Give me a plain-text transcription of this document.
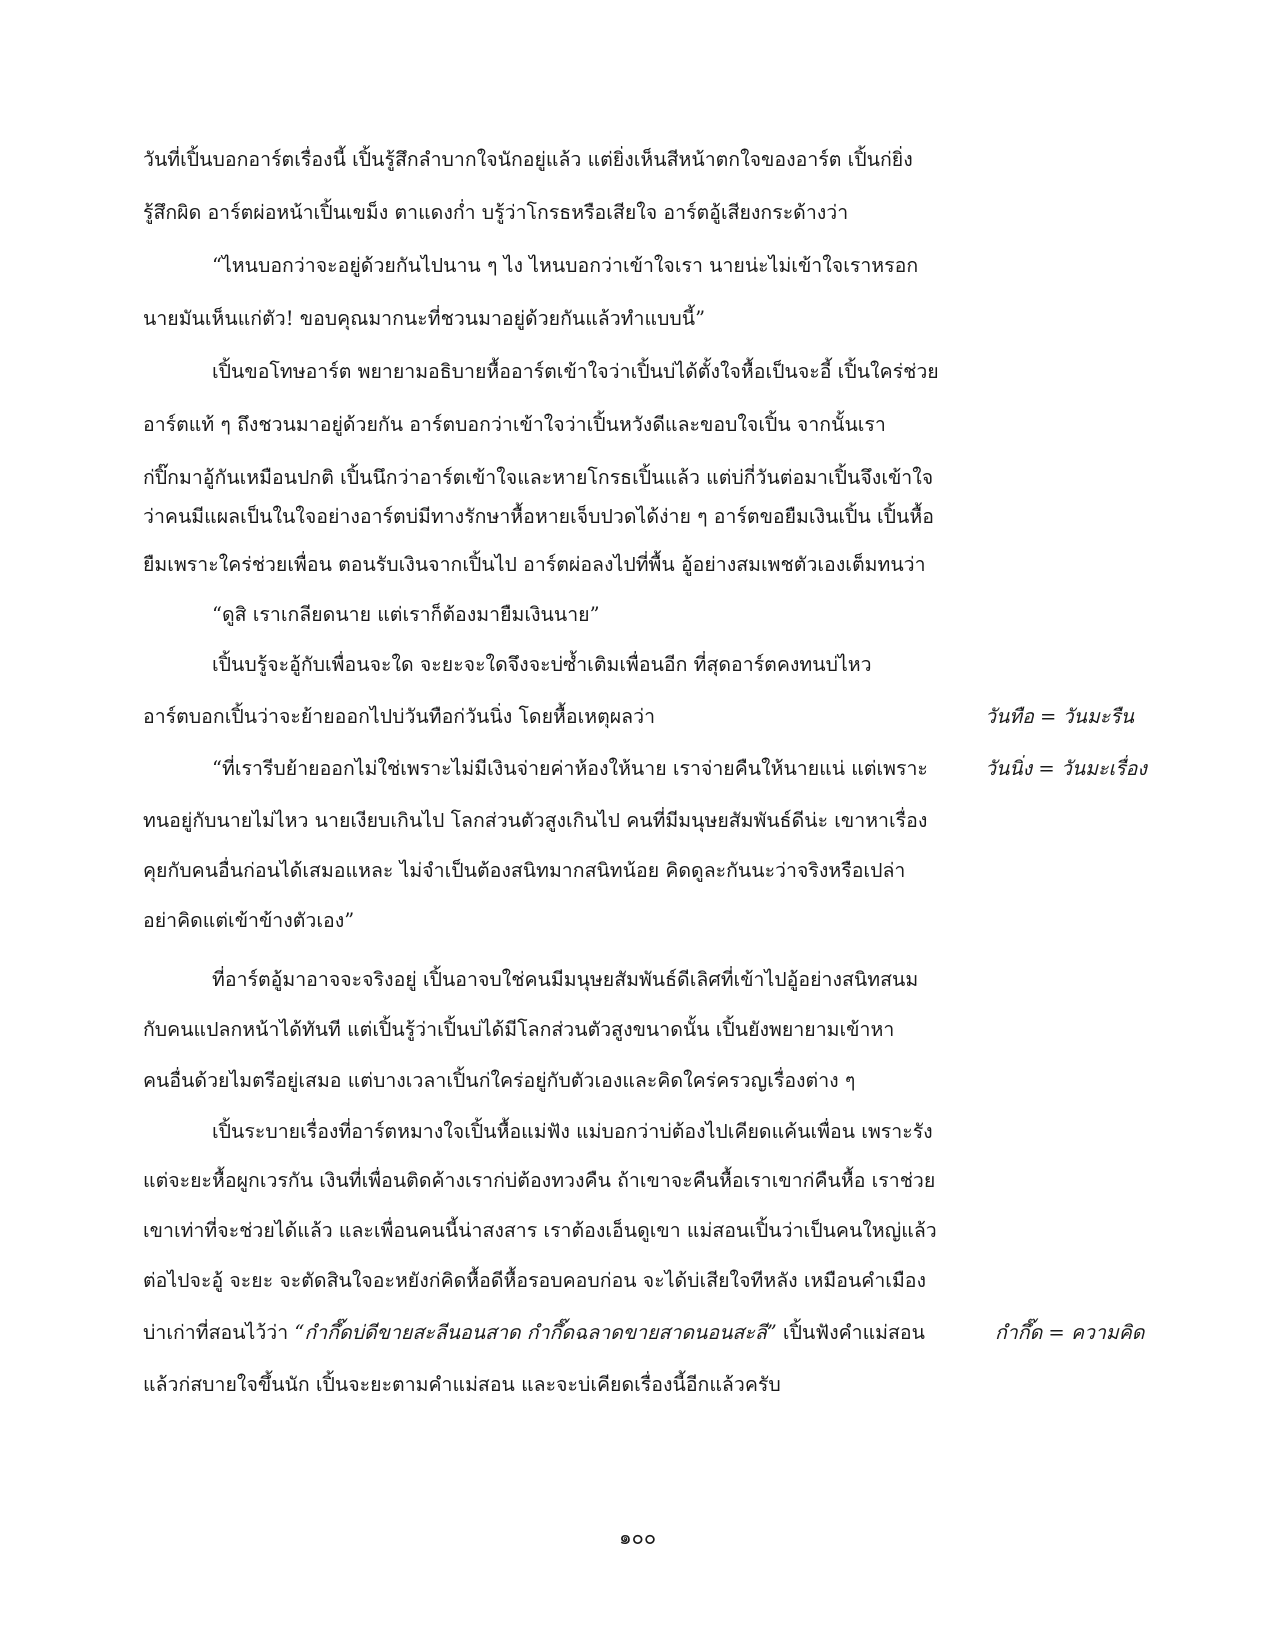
วันที่เปิ้นบอกอาร์ตเรื่องนี้ เปิ้นรู้สึกลำบากใจนักอยู่แล้ว แต่ยิ่งเห็นสีหน้าตกใจของอาร์ต เปิ้นก่ยิ่ง
รู้สึกผิด อาร์ตผ่อหน้าเปิ้นเขม็ง ตาแดงก่ำ บรู้ว่าโกรธหรือเสียใจ อาร์ตอู้เสียงกระด้างว่า
“ไหนบอกว่าจะอยู่ด้วยกันไปนาน ๆ ไง ไหนบอกว่าเข้าใจเรา นายน่ะไม่เข้าใจเราหรอก
นายมันเห็นแก่ตัว! ขอบคุณมากนะที่ชวนมาอยู่ด้วยกันแล้วทำแบบนี้”
เปิ้นขอโทษอาร์ต พยายามอธิบายหื้ออาร์ตเข้าใจว่าเปิ้นบ่ได้ตั้งใจหื้อเป็นจะอี้ เปิ้นใคร่ช่วย
อาร์ตแท้ ๆ ถึงชวนมาอยู่ด้วยกัน อาร์ตบอกว่าเข้าใจว่าเปิ้นหวังดีและขอบใจเปิ้น จากนั้นเรา
ก่ปิ๊กมาอู้กันเหมือนปกติ เปิ้นนึกว่าอาร์ตเข้าใจและหายโกรธเปิ้นแล้ว แต่บ่กี่วันต่อมาเปิ้นจึงเข้าใจ
ว่าคนมีแผลเป็นในใจอย่างอาร์ตบ่มีทางรักษาหื้อหายเจ็บปวดได้ง่าย ๆ อาร์ตขอยืมเงินเปิ้น เปิ้นหื้อ
ยืมเพราะใคร่ช่วยเพื่อน ตอนรับเงินจากเปิ้นไป อาร์ตผ่อลงไปที่พื้น อู้อย่างสมเพชตัวเองเต็มทนว่า
“ดูสิ เราเกลียดนาย แต่เราก็ต้องมายืมเงินนาย”
เปิ้นบรู้จะอู้กับเพื่อนจะใด จะยะจะใดจึงจะบ่ซ้ำเติมเพื่อนอีก ที่สุดอาร์ตคงทนบ่ไหว
อาร์ตบอกเปิ้นว่าจะย้ายออกไปบ่วันทือก่วันนิ่ง โดยหื้อเหตุผลว่า
“ที่เรารีบย้ายออกไม่ใช่เพราะไม่มีเงินจ่ายค่าห้องให้นาย เราจ่ายคืนให้นายแน่ แต่เพราะ
ทนอยู่กับนายไม่ไหว นายเงียบเกินไป โลกส่วนตัวสูงเกินไป คนที่มีมนุษยสัมพันธ์ดีน่ะ เขาหาเรื่อง
คุยกับคนอื่นก่อนได้เสมอแหละ ไม่จำเป็นต้องสนิทมากสนิทน้อย คิดดูละกันนะว่าจริงหรือเปล่า
อย่าคิดแต่เข้าข้างตัวเอง”
ที่อาร์ตอู้มาอาจจะจริงอยู่ เปิ้นอาจบใช่คนมีมนุษยสัมพันธ์ดีเลิศที่เข้าไปอู้อย่างสนิทสนม
กับคนแปลกหน้าได้ทันที แต่เปิ้นรู้ว่าเปิ้นบ่ได้มีโลกส่วนตัวสูงขนาดนั้น เปิ้นยังพยายามเข้าหา
คนอื่นด้วยไมตรีอยู่เสมอ แต่บางเวลาเปิ้นก่ใคร่อยู่กับตัวเองและคิดใคร่ครวญเรื่องต่าง ๆ
เปิ้นระบายเรื่องที่อาร์ตหมางใจเปิ้นหื้อแม่ฟัง แม่บอกว่าบ่ต้องไปเคียดแค้นเพื่อน เพราะรัง
แต่จะยะหื้อผูกเวรกัน เงินที่เพื่อนติดค้างเราก่บ่ต้องทวงคืน ถ้าเขาจะคืนหื้อเราเขาก่คืนหื้อ เราช่วย
เขาเท่าที่จะช่วยได้แล้ว และเพื่อนคนนี้น่าสงสาร เราต้องเอ็นดูเขา แม่สอนเปิ้นว่าเป็นคนใหญ่แล้ว
ต่อไปจะอู้ จะยะ จะตัดสินใจอะหยังก่คิดหื้อดีหื้อรอบคอบก่อน จะได้บ่เสียใจทีหลัง เหมือนคำเมือง
บ่าเก่าที่สอนไว้ว่า “กำกึ๊ดบ่ดีขายสะลีนอนสาด กำกึ๊ดฉลาดขายสาดนอนสะลี” เปิ้นฟังคำแม่สอน
แล้วก่สบายใจขึ้นนัก เปิ้นจะยะตามคำแม่สอน และจะบ่เคียดเรื่องนี้อีกแล้วครับ
วันทือ = วันมะรืน
วันนิ่ง = วันมะเรื่อง
กำกึ๊ด = ความคิด
๑๐๐
